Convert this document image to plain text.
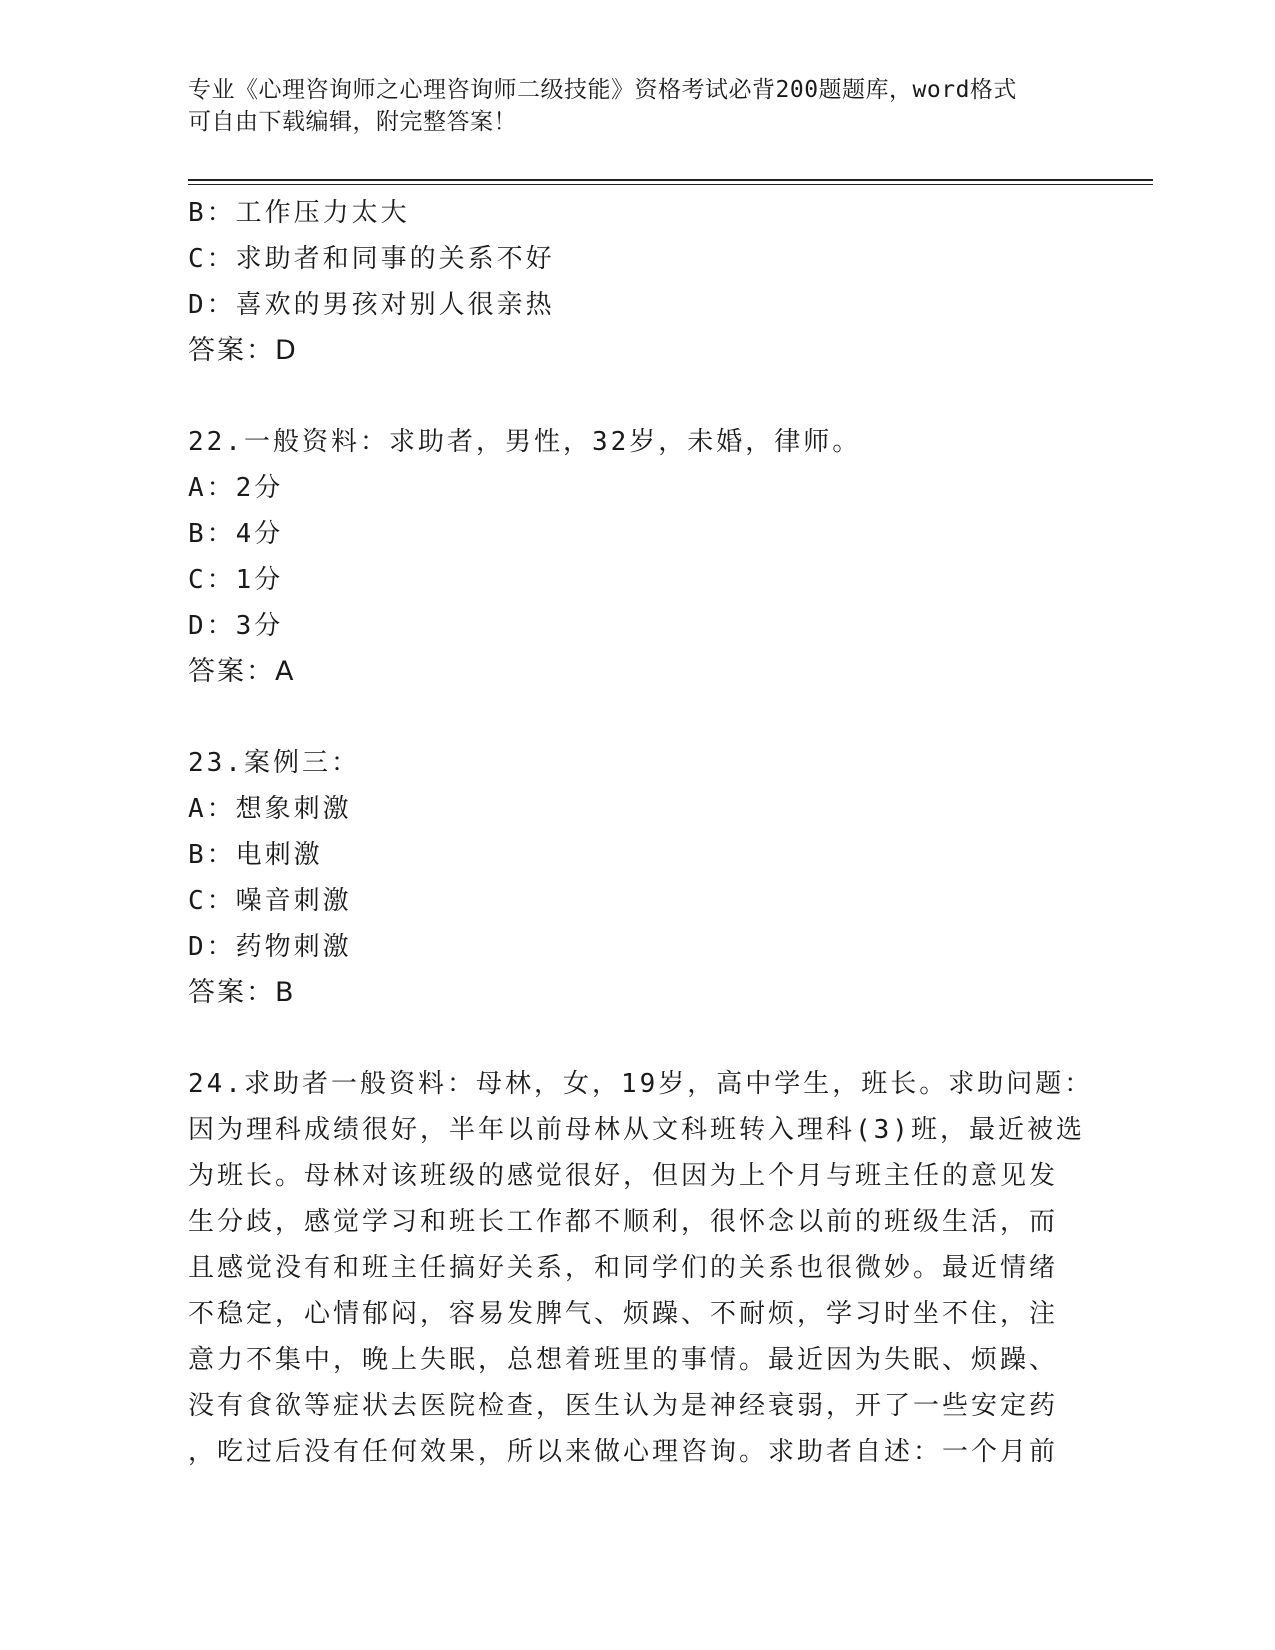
专业《心理咨询师之心理咨询师二级技能》资格考试必背200题题库，word格式
可自由下载编辑，附完整答案！
B：工作压力太大
C：求助者和同事的关系不好
D：喜欢的男孩对别人很亲热
答案：D
22.一般资料：求助者，男性，32岁，未婚，律师。
A：2分
B：4分
C：1分
D：3分
答案：A
23.案例三：
A：想象刺激
B：电刺激
C：噪音刺激
D：药物刺激
答案：B
24.求助者一般资料：母林，女，19岁，高中学生，班长。求助问题：
因为理科成绩很好，半年以前母林从文科班转入理科(3)班，最近被选
为班长。母林对该班级的感觉很好，但因为上个月与班主任的意见发
生分歧，感觉学习和班长工作都不顺利，很怀念以前的班级生活，而
且感觉没有和班主任搞好关系，和同学们的关系也很微妙。最近情绪
不稳定，心情郁闷，容易发脾气、烦躁、不耐烦，学习时坐不住，注
意力不集中，晚上失眠，总想着班里的事情。最近因为失眠、烦躁、
没有食欲等症状去医院检查，医生认为是神经衰弱，开了一些安定药
，吃过后没有任何效果，所以来做心理咨询。求助者自述：一个月前
